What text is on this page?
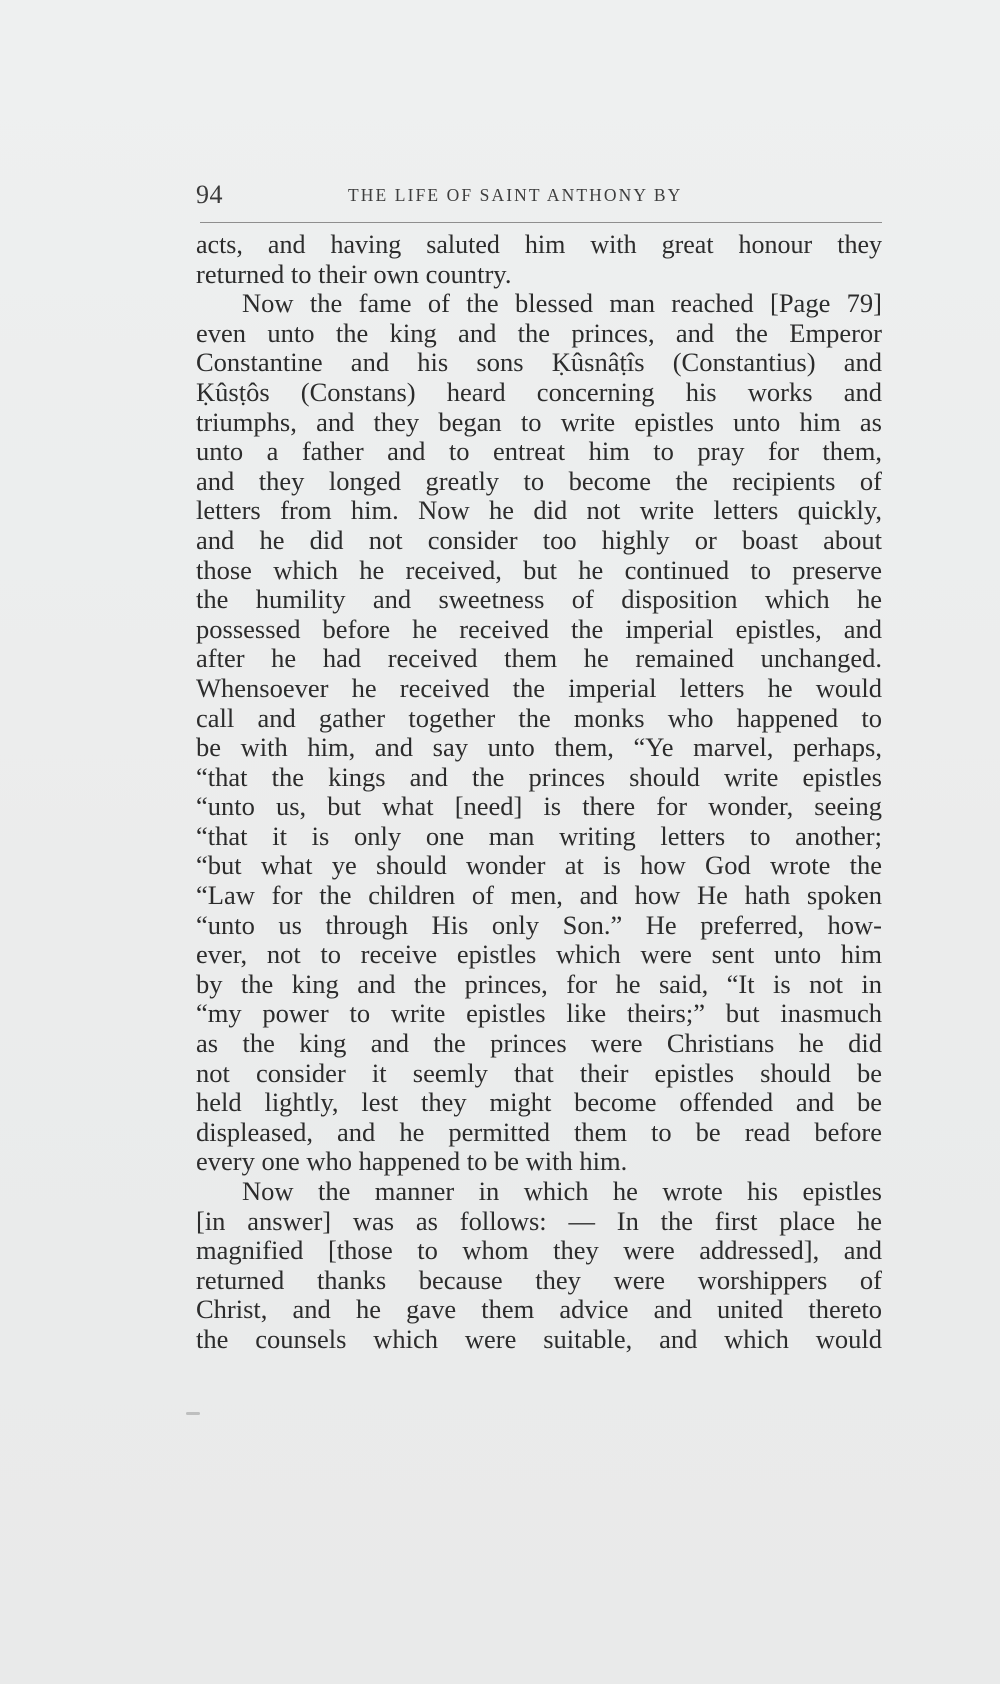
94	THE LIFE OF SAINT ANTHONY BY
acts, and having saluted him with great honour they
returned to their own country.
Now the fame of the blessed man reached [Page 79]
even unto the king and the princes, and the Emperor
Constantine and his sons Ḳûsnâṭîs (Constantius) and
Ḳûsṭôs (Constans) heard concerning his works and
triumphs, and they began to write epistles unto him as
unto a father and to entreat him to pray for them,
and they longed greatly to become the recipients of
letters from him. Now he did not write letters quickly,
and he did not consider too highly or boast about
those which he received, but he continued to preserve
the humility and sweetness of disposition which he
possessed before he received the imperial epistles, and
after he had received them he remained unchanged.
Whensoever he received the imperial letters he would
call and gather together the monks who happened to
be with him, and say unto them, “Ye marvel, perhaps,
“that the kings and the princes should write epistles
“unto us, but what [need] is there for wonder, seeing
“that it is only one man writing letters to another;
“but what ye should wonder at is how God wrote the
“Law for the children of men, and how He hath spoken
“unto us through His only Son.” He preferred, how-
ever, not to receive epistles which were sent unto him
by the king and the princes, for he said, “It is not in
“my power to write epistles like theirs;” but inasmuch
as the king and the princes were Christians he did
not consider it seemly that their epistles should be
held lightly, lest they might become offended and be
displeased, and he permitted them to be read before
every one who happened to be with him.
Now the manner in which he wrote his epistles
[in answer] was as follows: — In the first place he
magnified [those to whom they were addressed], and
returned thanks because they were worshippers of
Christ, and he gave them advice and united thereto
the counsels which were suitable, and which would
